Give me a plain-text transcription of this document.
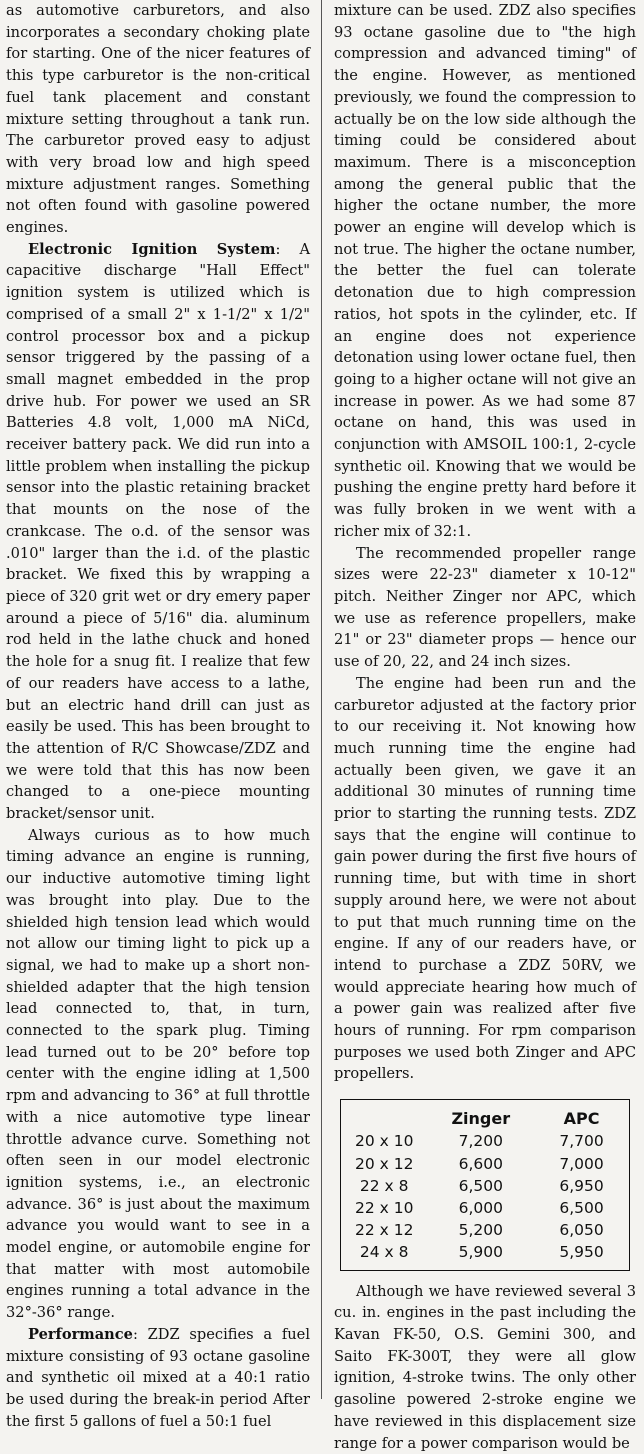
as automotive carburetors, and also incorporates a secondary choking plate for starting. One of the nicer features of this type carburetor is the non-critical fuel tank placement and constant mixture setting throughout a tank run. The carburetor proved easy to adjust with very broad low and high speed mixture adjustment ranges. Something not often found with gasoline powered engines.

Electronic Ignition System: A capacitive discharge "Hall Effect" ignition system is utilized which is comprised of a small 2" x 1-1/2" x 1/2" control processor box and a pickup sensor triggered by the passing of a small magnet embedded in the prop drive hub. For power we used an SR Batteries 4.8 volt, 1,000 mA NiCd, receiver battery pack. We did run into a little problem when installing the pickup sensor into the plastic retaining bracket that mounts on the nose of the crankcase. The o.d. of the sensor was .010" larger than the i.d. of the plastic bracket. We fixed this by wrapping a piece of 320 grit wet or dry emery paper around a piece of 5/16" dia. aluminum rod held in the lathe chuck and honed the hole for a snug fit. I realize that few of our readers have access to a lathe, but an electric hand drill can just as easily be used. This has been brought to the attention of R/C Showcase/ZDZ and we were told that this has now been changed to a one-piece mounting bracket/sensor unit.

Always curious as to how much timing advance an engine is running, our inductive automotive timing light was brought into play. Due to the shielded high tension lead which would not allow our timing light to pick up a signal, we had to make up a short non-shielded adapter that the high tension lead connected to, that, in turn, connected to the spark plug. Timing lead turned out to be 20° before top center with the engine idling at 1,500 rpm and advancing to 36° at full throttle with a nice automotive type linear throttle advance curve. Something not often seen in our model electronic ignition systems, i.e., an electronic advance. 36° is just about the maximum advance you would want to see in a model engine, or automobile engine for that matter with most automobile engines running a total advance in the 32°-36° range.

Performance: ZDZ specifies a fuel mixture consisting of 93 octane gasoline and synthetic oil mixed at a 40:1 ratio be used during the break-in period After the first 5 gallons of fuel a 50:1 fuel

mixture can be used. ZDZ also specifies 93 octane gasoline due to "the high compression and advanced timing" of the engine. However, as mentioned previously, we found the compression to actually be on the low side although the timing could be considered about maximum. There is a misconception among the general public that the higher the octane number, the more power an engine will develop which is not true. The higher the octane number, the better the fuel can tolerate detonation due to high compression ratios, hot spots in the cylinder, etc. If an engine does not experience detonation using lower octane fuel, then going to a higher octane will not give an increase in power. As we had some 87 octane on hand, this was used in conjunction with AMSOIL 100:1, 2-cycle synthetic oil. Knowing that we would be pushing the engine pretty hard before it was fully broken in we went with a richer mix of 32:1.

The recommended propeller range sizes were 22-23" diameter x 10-12" pitch. Neither Zinger nor APC, which we use as reference propellers, make 21" or 23" diameter props — hence our use of 20, 22, and 24 inch sizes.

The engine had been run and the carburetor adjusted at the factory prior to our receiving it. Not knowing how much running time the engine had actually been given, we gave it an additional 30 minutes of running time prior to starting the running tests. ZDZ says that the engine will continue to gain power during the first five hours of running time, but with time in short supply around here, we were not about to put that much running time on the engine. If any of our readers have, or intend to purchase a ZDZ 50RV, we would appreciate hearing how much of a power gain was realized after five hours of running. For rpm comparison purposes we used both Zinger and APC propellers.

	Zinger	APC
20 x 10	7,200	7,700
20 x 12	6,600	7,000
22 x 8	6,500	6,950
22 x 10	6,000	6,500
22 x 12	5,200	6,050
24 x 8	5,900	5,950

Although we have reviewed several 3 cu. in. engines in the past including the Kavan FK-50, O.S. Gemini 300, and Saito FK-300T, they were all glow ignition, 4-stroke twins. The only other gasoline powered 2-stroke engine we have reviewed in this displacement size range for a power comparison would be
